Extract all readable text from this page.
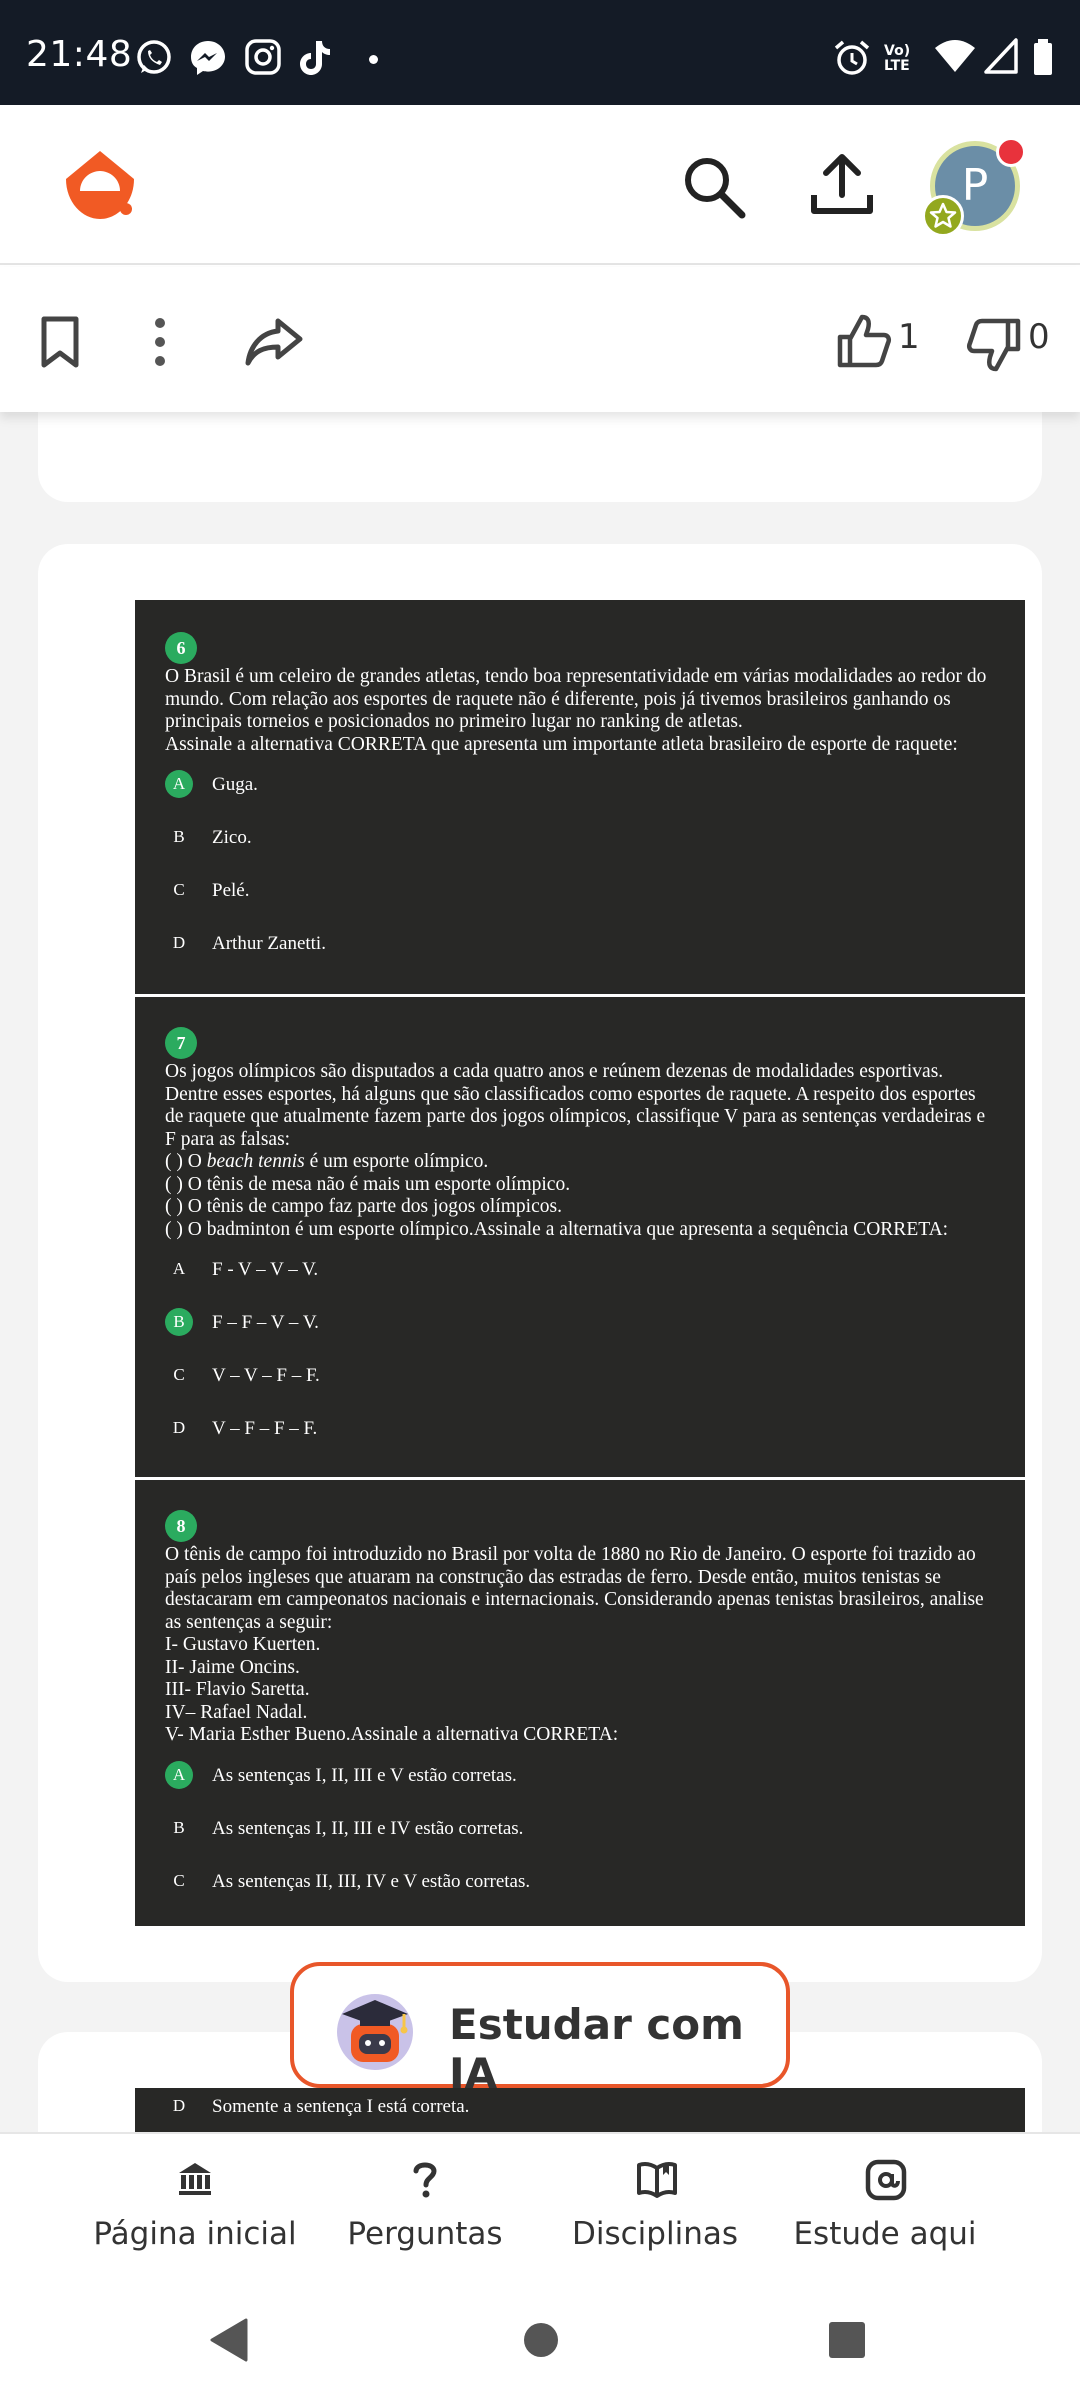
21:48	Vo) LTE
P
1	0
6
O Brasil é um celeiro de grandes atletas, tendo boa representatividade em várias modalidades ao redor do mundo. Com relação aos esportes de raquete não é diferente, pois já tivemos brasileiros ganhando os principais torneios e posicionados no primeiro lugar no ranking de atletas.
Assinale a alternativa CORRETA que apresenta um importante atleta brasileiro de esporte de raquete:
A	Guga.
B	Zico.
C	Pelé.
D	Arthur Zanetti.
7
Os jogos olímpicos são disputados a cada quatro anos e reúnem dezenas de modalidades esportivas. Dentre esses esportes, há alguns que são classificados como esportes de raquete. A respeito dos esportes de raquete que atualmente fazem parte dos jogos olímpicos, classifique V para as sentenças verdadeiras e F para as falsas:
( ) O beach tennis é um esporte olímpico.
( ) O tênis de mesa não é mais um esporte olímpico.
( ) O tênis de campo faz parte dos jogos olímpicos.
( ) O badminton é um esporte olímpico.Assinale a alternativa que apresenta a sequência CORRETA:
A	F - V – V – V.
B	F – F – V – V.
C	V – V – F – F.
D	V – F – F – F.
8
O tênis de campo foi introduzido no Brasil por volta de 1880 no Rio de Janeiro. O esporte foi trazido ao país pelos ingleses que atuaram na construção das estradas de ferro. Desde então, muitos tenistas se destacaram em campeonatos nacionais e internacionais. Considerando apenas tenistas brasileiros, analise as sentenças a seguir:
I- Gustavo Kuerten.
II- Jaime Oncins.
III- Flavio Saretta.
IV– Rafael Nadal.
V- Maria Esther Bueno.Assinale a alternativa CORRETA:
A	As sentenças I, II, III e V estão corretas.
B	As sentenças I, II, III e IV estão corretas.
C	As sentenças II, III, IV e V estão corretas.
D	Somente a sentença I está correta.
Estudar com IA
Página inicial	Perguntas	Disciplinas	Estude aqui
